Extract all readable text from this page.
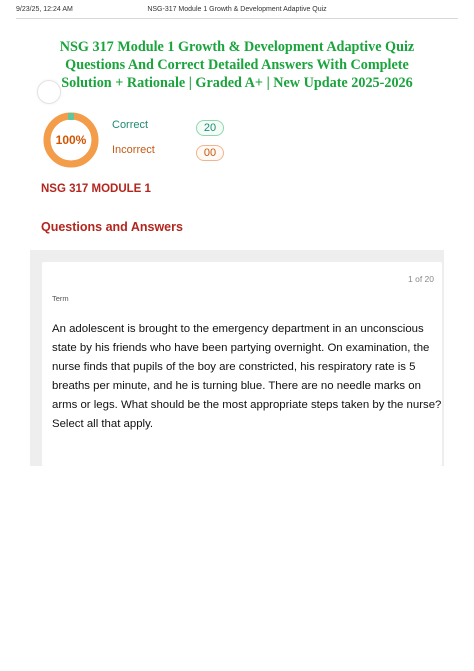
9/23/25, 12:24 AM	NSG-317 Module 1 Growth & Development Adaptive Quiz
NSG 317 Module 1 Growth & Development Adaptive Quiz Questions And Correct Detailed Answers With Complete Solution + Rationale | Graded A+ | New Update 2025-2026
100%
Correct	20
Incorrect	00
NSG 317 MODULE 1
Questions and Answers
1 of 20
Term
An adolescent is brought to the emergency department in an unconscious state by his friends who have been partying overnight. On examination, the nurse finds that pupils of the boy are constricted, his respiratory rate is 5 breaths per minute, and he is turning blue. There are no needle marks on arms or legs. What should be the most appropriate steps taken by the nurse? Select all that apply.
